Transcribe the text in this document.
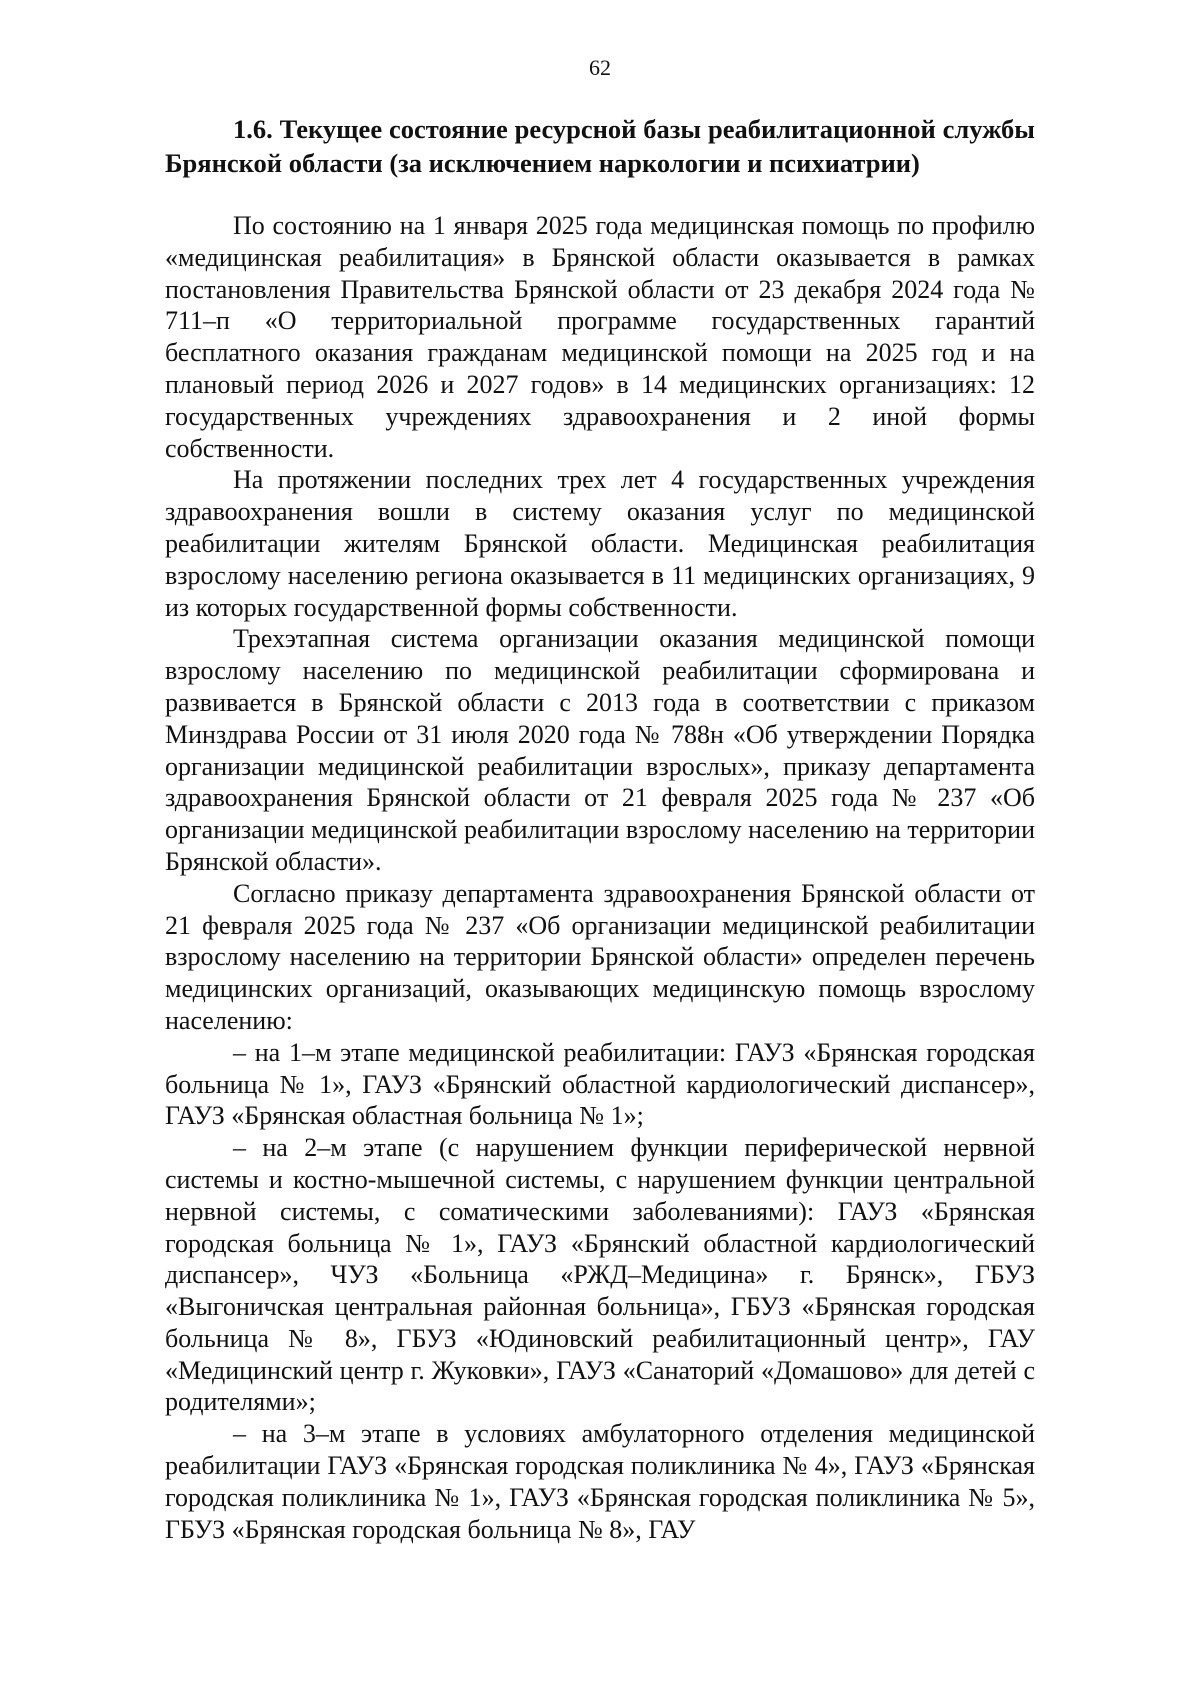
62

1.6. Текущее состояние ресурсной базы реабилитационной службы Брянской области (за исключением наркологии и психиатрии)

По состоянию на 1 января 2025 года медицинская помощь по профилю «медицинская реабилитация» в Брянской области оказывается в рамках постановления Правительства Брянской области от 23 декабря 2024 года № 711–п «О территориальной программе государственных гарантий бесплатного оказания гражданам медицинской помощи на 2025 год и на плановый период 2026 и 2027 годов» в 14 медицинских организациях: 12 государственных учреждениях здравоохранения и 2 иной формы собственности.

На протяжении последних трех лет 4 государственных учреждения здравоохранения вошли в систему оказания услуг по медицинской реабилитации жителям Брянской области. Медицинская реабилитация взрослому населению региона оказывается в 11 медицинских организациях, 9 из которых государственной формы собственности.

Трехэтапная система организации оказания медицинской помощи взрослому населению по медицинской реабилитации сформирована и развивается в Брянской области с 2013 года в соответствии с приказом Минздрава России от 31 июля 2020 года № 788н «Об утверждении Порядка организации медицинской реабилитации взрослых», приказу департамента здравоохранения Брянской области от 21 февраля 2025 года № 237 «Об организации медицинской реабилитации взрослому населению на территории Брянской области».

Согласно приказу департамента здравоохранения Брянской области от 21 февраля 2025 года № 237 «Об организации медицинской реабилитации взрослому населению на территории Брянской области» определен перечень медицинских организаций, оказывающих медицинскую помощь взрослому населению:

– на 1–м этапе медицинской реабилитации: ГАУЗ «Брянская городская больница № 1», ГАУЗ «Брянский областной кардиологический диспансер», ГАУЗ «Брянская областная больница № 1»;

– на 2–м этапе (с нарушением функции периферической нервной системы и костно-мышечной системы, с нарушением функции центральной нервной системы, с соматическими заболеваниями): ГАУЗ «Брянская городская больница № 1», ГАУЗ «Брянский областной кардиологический диспансер», ЧУЗ «Больница «РЖД–Медицина» г. Брянск», ГБУЗ «Выгоничская центральная районная больница», ГБУЗ «Брянская городская больница № 8», ГБУЗ «Юдиновский реабилитационный центр», ГАУ «Медицинский центр г. Жуковки», ГАУЗ «Санаторий «Домашово» для детей с родителями»;

– на 3–м этапе в условиях амбулаторного отделения медицинской реабилитации ГАУЗ «Брянская городская поликлиника № 4», ГАУЗ «Брянская городская поликлиника № 1», ГАУЗ «Брянская городская поликлиника № 5», ГБУЗ «Брянская городская больница № 8», ГАУ
